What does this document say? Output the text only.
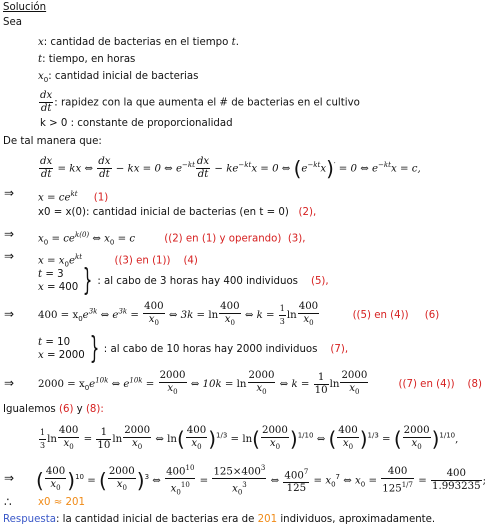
Solución
Sea
x: cantidad de bacterias en el tiempo t.
t: tiempo, en horas
$x_0$: cantidad inicial de bacterias
$\frac{dx}{dt}$ : rapidez con la que aumenta el # de bacterias en el cultivo
k > 0 : constante de proporcionalidad
De tal manera que:
$\frac{dx}{dt}$ = kx ⇔ $\frac{dx}{dt}$ − kx = 0 ⇔ $e^{-kt} \frac{dx}{dt} - ke^{-kt}x = 0$ ⇔ $(e^{-kt}x)' = 0$ ⇔ $e^{-kt}x = c$,
⇒ $x = ce^{kt}$ (1)
x0 = x(0): cantidad inicial de bacterias (en t = 0) (2),
⇒ $x_0 = ce^{k(0)}$ ⇔ $x_0 = c$	((2) en (1) y operando) (3),
⇒ $x = x_0e^{kt}$	((3) en (1)) (4)
t = 3
x = 400 } : al cabo de 3 horas hay 400 individuos (5),
⇒ $400 = x_0e^{3k}$ ⇔ $e^{3k} = \frac{400}{x_0}$ ⇔ $3k = \ln \frac{400}{x_0}$ ⇔ $k = \frac{1}{3}$ $\ln \frac{400}{x_0}$	((5) en (4)) (6)
t = 10
x = 2000 } : al cabo de 10 horas hay 2000 individuos (7),
⇒ $2000 = x_0e^{10k}$ ⇔ $e^{10k} = \frac{2000}{x_0}$ ⇔ $10k = \ln \frac{2000}{x_0}$ ⇔ $k = \frac{1}{10}$ $\ln \frac{2000}{x_0}$	((7) en (4)) (8)
Igualemos (6) y (8):
$\frac{1}{3}$ $\ln \frac{400}{x_0} = \frac{1}{10}$ $\ln \frac{2000}{x_0}$ ⇔ $\ln( \frac{400}{x_0} )^{1/3} = \ln( \frac{2000}{x_0} )^{1/10}$ ⇔ ( $\frac{400}{x_0} )^{1/3}$ = ( $\frac{2000}{x_0} )^{1/10}$,
⇒ ( $\frac{400}{x_0} )^{10}$ = ( $\frac{2000}{x_0} )^3$ ⇔ $\frac{400^{10}}{x_0^{10}} = \frac{125\times 400^3}{x_0^3}$ ⇔ $\frac{400^7}{125} = x_0^7$ ⇔ $x_0 = \frac{400}{125^{1/7}} = \frac{400}{1.993235}$ ;
∴	x0 ≈ 201
Respuesta: la cantidad inicial de bacterias era de 201 individuos, aproximadamente.
